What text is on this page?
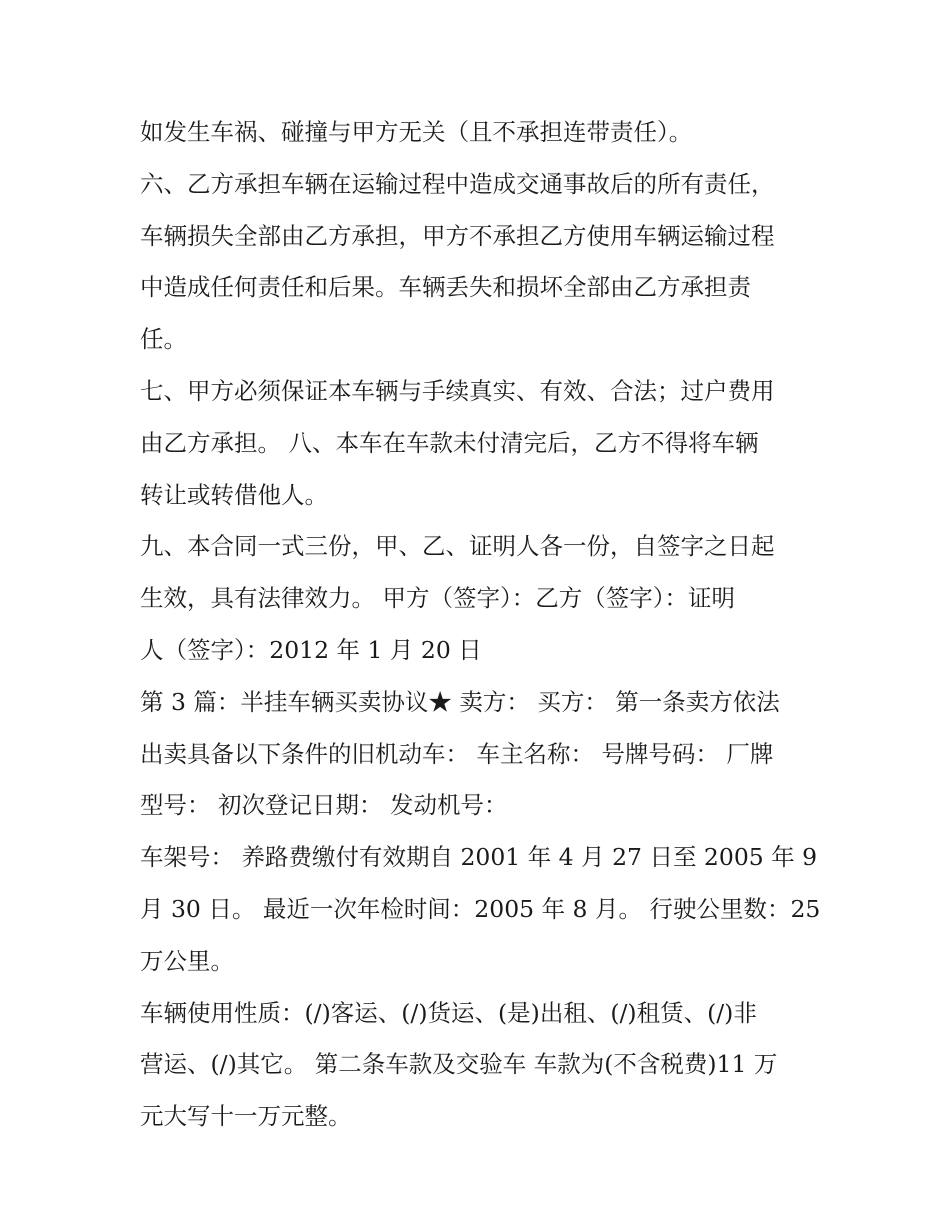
如发生车祸、碰撞与甲方无关（且不承担连带责任）。
六、乙方承担车辆在运输过程中造成交通事故后的所有责任，
车辆损失全部由乙方承担，甲方不承担乙方使用车辆运输过程
中造成任何责任和后果。车辆丢失和损坏全部由乙方承担责
任。
七、甲方必须保证本车辆与手续真实、有效、合法；过户费用
由乙方承担。 八、本车在车款未付清完后，乙方不得将车辆
转让或转借他人。
九、本合同一式三份，甲、乙、证明人各一份，自签字之日起
生效，具有法律效力。 甲方（签字）：乙方（签字）：证明
人（签字）：2012 年 1 月 20 日
第 3 篇：半挂车辆买卖协议★ 卖方： 买方： 第一条卖方依法
出卖具备以下条件的旧机动车： 车主名称： 号牌号码： 厂牌
型号： 初次登记日期： 发动机号：
车架号： 养路费缴付有效期自 2001 年 4 月 27 日至 2005 年 9
月 30 日。 最近一次年检时间：2005 年 8 月。 行驶公里数：25
万公里。
车辆使用性质：(/)客运、(/)货运、(是)出租、(/)租赁、(/)非
营运、(/)其它。 第二条车款及交验车 车款为(不含税费)11 万
元大写十一万元整。
